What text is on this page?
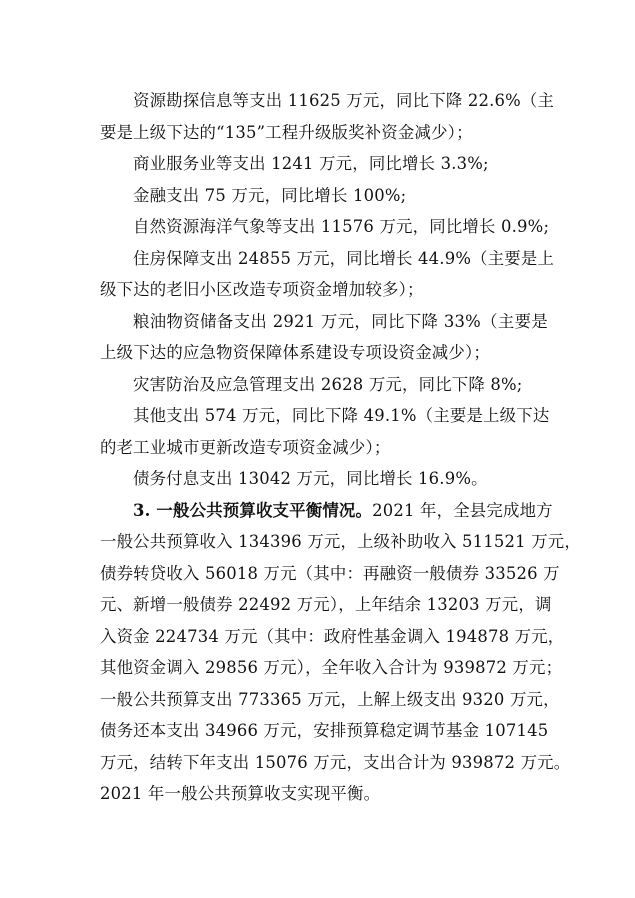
资源勘探信息等支出 11625 万元，同比下降 22.6%（主
要是上级下达的“135”工程升级版奖补资金减少）；
商业服务业等支出 1241 万元，同比增长 3.3%;
金融支出 75 万元，同比增长 100%;
自然资源海洋气象等支出 11576 万元，同比增长 0.9%;
住房保障支出 24855 万元，同比增长 44.9%（主要是上
级下达的老旧小区改造专项资金增加较多）；
粮油物资储备支出 2921 万元，同比下降 33%（主要是
上级下达的应急物资保障体系建设专项设资金减少）；
灾害防治及应急管理支出 2628 万元，同比下降 8%;
其他支出 574 万元，同比下降 49.1%（主要是上级下达
的老工业城市更新改造专项资金减少）；
债务付息支出 13042 万元，同比增长 16.9%。
3. 一般公共预算收支平衡情况。2021 年，全县完成地方
一般公共预算收入 134396 万元，上级补助收入 511521 万元，
债券转贷收入 56018 万元（其中：再融资一般债券 33526 万
元、新增一般债券 22492 万元），上年结余 13203 万元，调
入资金 224734 万元（其中：政府性基金调入 194878 万元，
其他资金调入 29856 万元），全年收入合计为 939872 万元；
一般公共预算支出 773365 万元，上解上级支出 9320 万元，
债务还本支出 34966 万元，安排预算稳定调节基金 107145
万元，结转下年支出 15076 万元，支出合计为 939872 万元。
2021 年一般公共预算收支实现平衡。
